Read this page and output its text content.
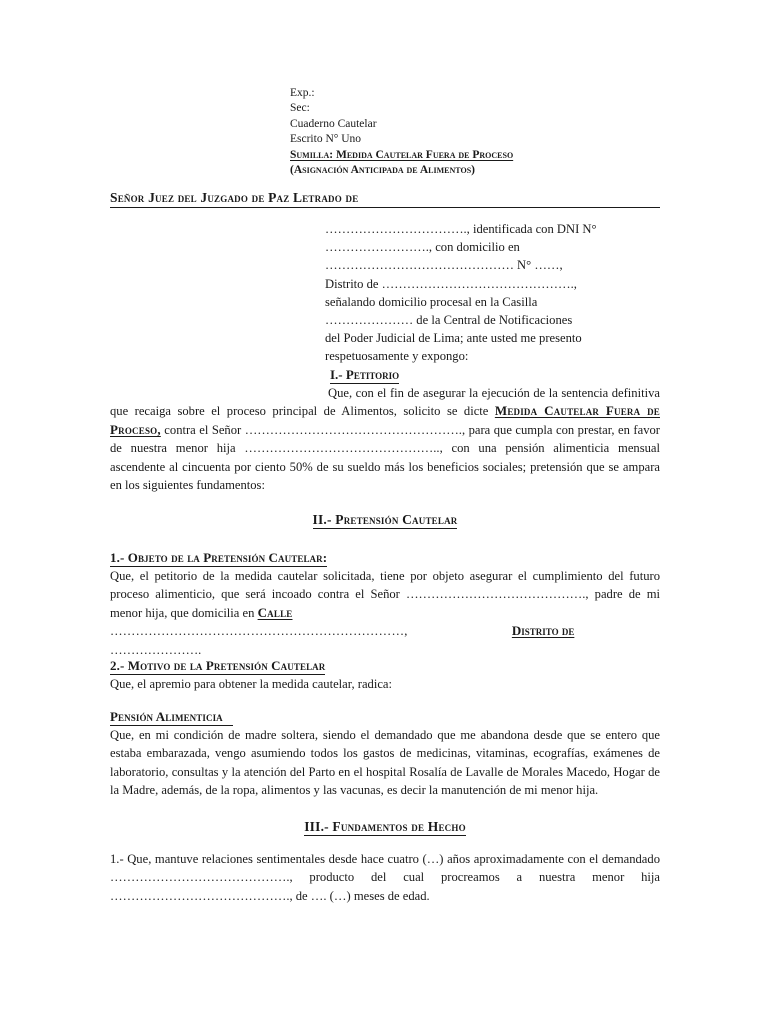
Exp.:
Sec:
Cuaderno Cautelar
Escrito N° Uno
Sumilla: Medida Cautelar Fuera de Proceso
(Asignación Anticipada de Alimentos)
Señor Juez del Juzgado de Paz Letrado de

……………………………., identificada con DNI N°

……………………., con domicilio en

……………………………………… N° ……,

Distrito de ……………………………………….,

señalando domicilio procesal en la Casilla

………………… de la Central de Notificaciones

del Poder Judicial de Lima; ante usted me presento

respetuosamente y expongo:

I.- Petitorio

Que, con el fin de asegurar la ejecución de la sentencia definitiva que recaiga sobre el proceso principal de Alimentos, solicito se dicte Medida Cautelar Fuera de Proceso, contra el Señor ……………………………………………., para que cumpla con prestar, en favor de nuestra menor hija ……………………………………….., con una pensión alimenticia mensual ascendente al cincuenta por ciento 50% de su sueldo más los beneficios sociales; pretensión que se ampara en los siguientes fundamentos:

II.- Pretensión Cautelar
1.- Objeto de la Pretensión Cautelar:

Que, el petitorio de la medida cautelar solicitada, tiene por objeto asegurar el cumplimiento del futuro proceso alimenticio, que será incoado contra el Señor ……………………………………., padre de mi menor hija, que domicilia en Calle

……………………………………………………………,	Distrito de

………………….

2.- Motivo de la Pretensión Cautelar

Que, el apremio para obtener la medida cautelar, radica:

Pensión Alimenticia

Que, en mi condición de madre soltera, siendo el demandado que me abandona desde que se entero que estaba embarazada, vengo asumiendo todos los gastos de medicinas, vitaminas, ecografías, exámenes de laboratorio, consultas y la atención del Parto en el hospital Rosalía de Lavalle de Morales Macedo, Hogar de la Madre, además, de la ropa, alimentos y las vacunas, es decir la manutención de mi menor hija.

III.- Fundamentos de Hecho

1.- Que, mantuve relaciones sentimentales desde hace cuatro (…) años aproximadamente con el demandado ……………………………………., producto del cual procreamos a nuestra menor hija ……………………………………., de …. (…) meses de edad.
